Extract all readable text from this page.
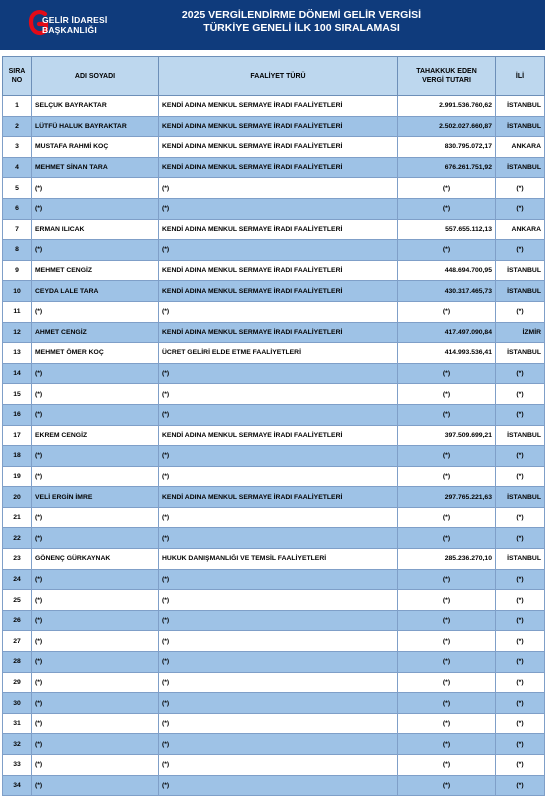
GELİR İDARESİ
BAŞKANLIĞI
2025 VERGİLENDİRME DÖNEMİ GELİR VERGİSİ
TÜRKİYE GENELİ İLK 100 SIRALAMASI
SIRA
NO	ADI SOYADI	FAALİYET TÜRÜ	TAHAKKUK EDEN
VERGİ TUTARI	İLİ
1	SELÇUK BAYRAKTAR	KENDİ ADINA MENKUL SERMAYE İRADI FAALİYETLERİ	2.991.536.760,62	İSTANBUL
2	LÜTFÜ HALUK BAYRAKTAR	KENDİ ADINA MENKUL SERMAYE İRADI FAALİYETLERİ	2.502.027.660,87	İSTANBUL
3	MUSTAFA RAHMİ KOÇ	KENDİ ADINA MENKUL SERMAYE İRADI FAALİYETLERİ	830.795.072,17	ANKARA
4	MEHMET SİNAN TARA	KENDİ ADINA MENKUL SERMAYE İRADI FAALİYETLERİ	676.261.751,92	İSTANBUL
5	(*)	(*)	(*)	(*)
6	(*)	(*)	(*)	(*)
7	ERMAN ILICAK	KENDİ ADINA MENKUL SERMAYE İRADI FAALİYETLERİ	557.655.112,13	ANKARA
8	(*)	(*)	(*)	(*)
9	MEHMET CENGİZ	KENDİ ADINA MENKUL SERMAYE İRADI FAALİYETLERİ	448.694.700,95	İSTANBUL
10	CEYDA LALE TARA	KENDİ ADINA MENKUL SERMAYE İRADI FAALİYETLERİ	430.317.465,73	İSTANBUL
11	(*)	(*)	(*)	(*)
12	AHMET CENGİZ	KENDİ ADINA MENKUL SERMAYE İRADI FAALİYETLERİ	417.497.090,84	İZMİR
13	MEHMET ÖMER KOÇ	ÜCRET GELİRİ ELDE ETME FAALİYETLERİ	414.993.536,41	İSTANBUL
14	(*)	(*)	(*)	(*)
15	(*)	(*)	(*)	(*)
16	(*)	(*)	(*)	(*)
17	EKREM CENGİZ	KENDİ ADINA MENKUL SERMAYE İRADI FAALİYETLERİ	397.509.699,21	İSTANBUL
18	(*)	(*)	(*)	(*)
19	(*)	(*)	(*)	(*)
20	VELİ ERGİN İMRE	KENDİ ADINA MENKUL SERMAYE İRADI FAALİYETLERİ	297.765.221,63	İSTANBUL
21	(*)	(*)	(*)	(*)
22	(*)	(*)	(*)	(*)
23	GÖNENÇ GÜRKAYNAK	HUKUK DANIŞMANLIĞI VE TEMSİL FAALİYETLERİ	285.236.270,10	İSTANBUL
24	(*)	(*)	(*)	(*)
25	(*)	(*)	(*)	(*)
26	(*)	(*)	(*)	(*)
27	(*)	(*)	(*)	(*)
28	(*)	(*)	(*)	(*)
29	(*)	(*)	(*)	(*)
30	(*)	(*)	(*)	(*)
31	(*)	(*)	(*)	(*)
32	(*)	(*)	(*)	(*)
33	(*)	(*)	(*)	(*)
34	(*)	(*)	(*)	(*)
